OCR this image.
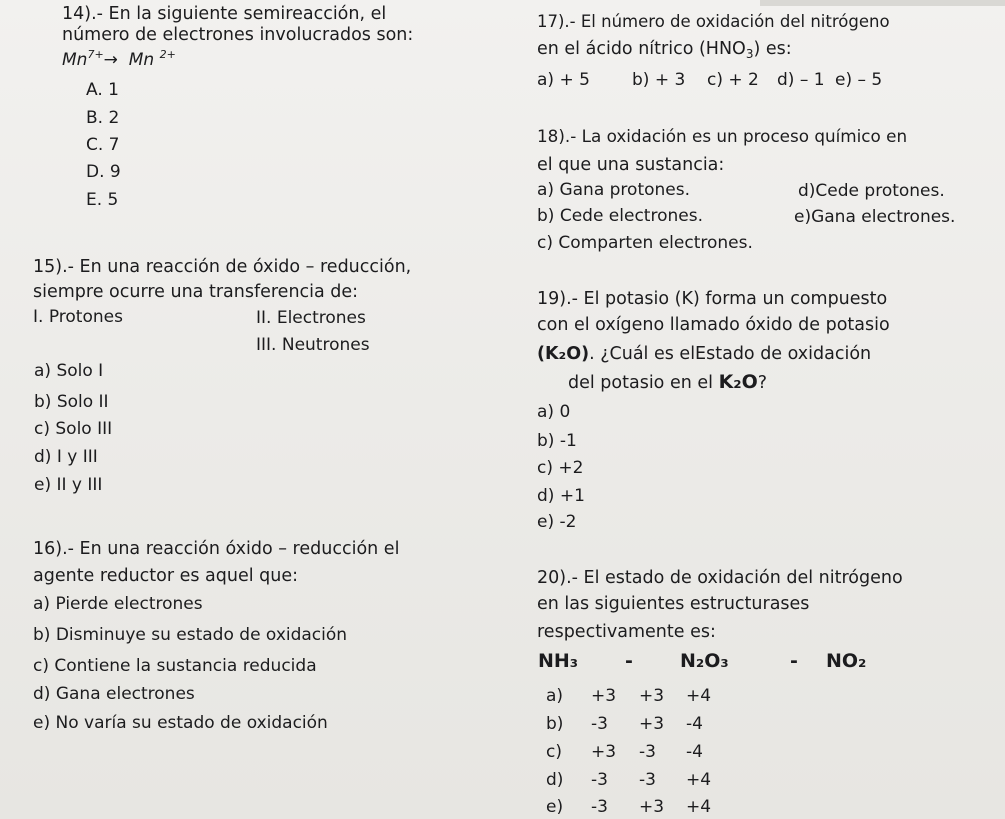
14).- En la siguiente semireacción, el
número de electrones involucrados son:
$Mn^{7+}\to Mn$ $^{2+}$
A. 1
B. 2
C. 7
D. 9
E. 5
15).- En una reacción de óxido – reducción,
siempre ocurre una transferencia de:
I. Protones	II. Electrones
III. Neutrones
a) Solo I
b) Solo II
c) Solo III
d) I y III
e) II y III
16).- En una reacción óxido – reducción el
agente reductor es aquel que:
a) Pierde electrones
b) Disminuye su estado de oxidación
c) Contiene la sustancia reducida
d) Gana electrones
e) No varía su estado de oxidación
17).- El número de oxidación del nitrógeno
en el ácido nítrico $(HNO_3)$ es:
a) + 5 b) + 3 c) + 2 d) – 1 e) – 5
18).- La oxidación es un proceso químico en
el que una sustancia:
a) Gana protones.	d)Cede protones.
b) Cede electrones.	e)Gana electrones.
c) Comparten electrones.
19).- El potasio (K) forma un compuesto
con el oxígeno llamado óxido de potasio
(K₂O). ¿Cuál es elEstado de oxidación
del potasio en el K₂O?
a) 0
b) -1
c) +2
d) +1
e) -2
20).- El estado de oxidación del nitrógeno
en las siguientes estructurases
respectivamente es:
NH₃ - N₂O₃	- NO₂
a) +3 +3 +4
b) -3 +3 -4
c) +3 -3 -4
d) -3 -3 +4
e) -3 +3 +4
